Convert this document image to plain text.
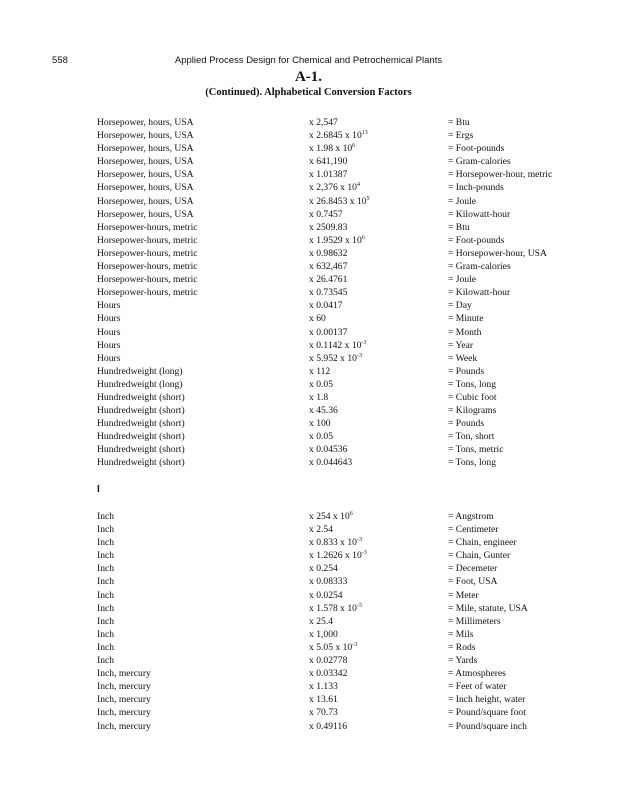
558	Applied Process Design for Chemical and Petrochemical Plants
A-1.
(Continued). Alphabetical Conversion Factors
Horsepower, hours, USA	x 2,547	= Btu
Horsepower, hours, USA	x 2.6845 x $10^{13}$	= Ergs
Horsepower, hours, USA	x 1.98 x $10^6$	= Foot-pounds
Horsepower, hours, USA	x 641,190	= Gram-calories
Horsepower, hours, USA	x 1.01387	= Horsepower-hour, metric
Horsepower, hours, USA	x 2,376 x $10^4$	= Inch-pounds
Horsepower, hours, USA	x 26.8453 x $10^5$	= Joule
Horsepower, hours, USA	x 0.7457	= Kilowatt-hour
Horsepower-hours, metric	x 2509.83	= Btu
Horsepower-hours, metric	x 1.9529 x $10^6$	= Foot-pounds
Horsepower-hours, metric	x 0.98632	= Horsepower-hour, USA
Horsepower-hours, metric	x 632,467	= Gram-calories
Horsepower-hours, metric	x 26.4761	= Joule
Horsepower-hours, metric	x 0.73545	= Kilowatt-hour
Hours	x 0.0417	= Day
Hours	x 60	= Minute
Hours	x 0.00137	= Month
Hours	x 0.1142 x $10^{-3}$	= Year
Hours	x 5.952 x $10^{-3}$	= Week
Hundredweight (long)	x 112	= Pounds
Hundredweight (long)	x 0.05	= Tons, long
Hundredweight (short)	x 1.8	= Cubic foot
Hundredweight (short)	x 45.36	= Kilograms
Hundredweight (short)	x 100	= Pounds
Hundredweight (short)	x 0.05	= Ton, short
Hundredweight (short)	x 0.04536	= Tons, metric
Hundredweight (short)	x 0.044643	= Tons, long
I
Inch	x 254 x $10^6$	= Angstrom
Inch	x 2.54	= Centimeter
Inch	x 0.833 x $10^{-3}$	= Chain, engineer
Inch	x 1.2626 x $10^{-3}$	= Chain, Gunter
Inch	x 0.254	= Decemeter
Inch	x 0.08333	= Foot, USA
Inch	x 0.0254	= Meter
Inch	x 1.578 x $10^{-5}$	= Mile, statute, USA
Inch	x 25.4	= Millimeters
Inch	x 1,000	= Mils
Inch	x 5.05 x $10^{-3}$	= Rods
Inch	x 0.02778	= Yards
Inch, mercury	x 0.03342	= Atmospheres
Inch, mercury	x 1.133	= Feet of water
Inch, mercury	x 13.61	= Inch height, water
Inch, mercury	x 70.73	= Pound/square foot
Inch, mercury	x 0.49116	= Pound/square inch
